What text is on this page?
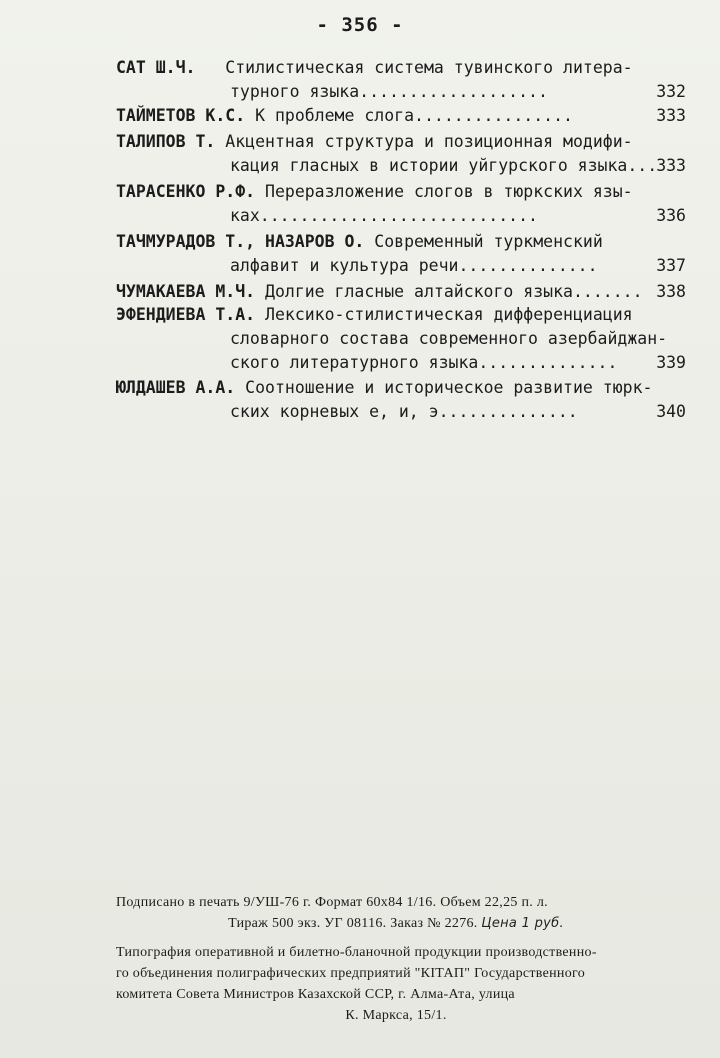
- 356 -
САТ Ш.Ч. Стилистическая система тувинского литера-
турного языка...................	332
ТАЙМЕТОВ К.С. К проблеме слога................	333
ТАЛИПОВ Т. Акцентная структура и позиционная модифи-
кация гласных в истории уйгурского языка... 333
ТАРАСЕНКО Р.Ф. Переразложение слогов в тюркских язы-
ках............................	336
ТАЧМУРАДОВ Т., НАЗАРОВ О. Современный туркменский
алфавит и культура речи..............	337
ЧУМАКАЕВА М.Ч. Долгие гласные алтайского языка....... 338
ЭФЕНДИЕВА Т.А. Лексико-стилистическая дифференциация
словарного состава современного азербайджан-
ского литературного языка..............	339
ЮЛДАШЕВ А.А. Соотношение и историческое развитие тюрк-
ских корневых е, и, э..............	340
Подписано в печать 9/УШ-76 г. Формат 60х84 1/16. Объем 22,25 п. л.
Тираж 500 экз. УГ 08116. Заказ № 2276. Цена 1 руб.
Типография оперативной и билетно-бланочной продукции производственно-
го объединения полиграфических предприятий "КІТАП" Государственного
комитета Совета Министров Казахской ССР, г. Алма-Ата, улица
К. Маркса, 15/1.
